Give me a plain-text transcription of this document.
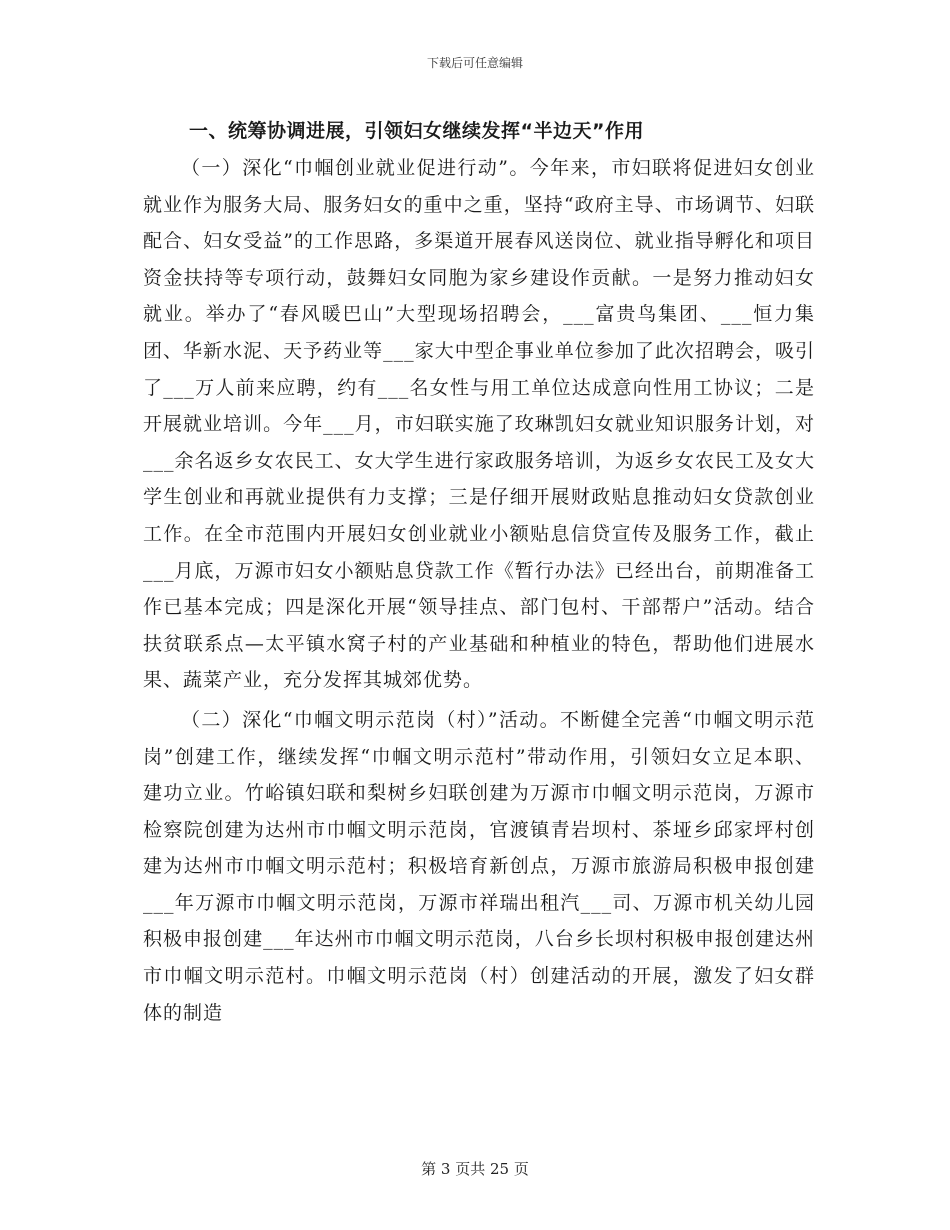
下载后可任意编辑
一、统筹协调进展，引领妇女继续发挥“半边天”作用

（一）深化“巾帼创业就业促进行动”。今年来，市妇联将促进妇女创业就业作为服务大局、服务妇女的重中之重，坚持“政府主导、市场调节、妇联配合、妇女受益”的工作思路，多渠道开展春风送岗位、就业指导孵化和项目资金扶持等专项行动，鼓舞妇女同胞为家乡建设作贡献。一是努力推动妇女就业。举办了“春风暖巴山”大型现场招聘会，___富贵鸟集团、___恒力集团、华新水泥、天予药业等___家大中型企事业单位参加了此次招聘会，吸引了___万人前来应聘，约有___名女性与用工单位达成意向性用工协议；二是开展就业培训。今年___月，市妇联实施了玫琳凯妇女就业知识服务计划，对___余名返乡女农民工、女大学生进行家政服务培训，为返乡女农民工及女大学生创业和再就业提供有力支撑；三是仔细开展财政贴息推动妇女贷款创业工作。在全市范围内开展妇女创业就业小额贴息信贷宣传及服务工作，截止___月底，万源市妇女小额贴息贷款工作《暂行办法》已经出台，前期准备工作已基本完成；四是深化开展“领导挂点、部门包村、干部帮户”活动。结合扶贫联系点—太平镇水窝子村的产业基础和种植业的特色，帮助他们进展水果、蔬菜产业，充分发挥其城郊优势。

（二）深化“巾帼文明示范岗（村）”活动。不断健全完善“巾帼文明示范岗”创建工作，继续发挥“巾帼文明示范村”带动作用，引领妇女立足本职、建功立业。竹峪镇妇联和梨树乡妇联创建为万源市巾帼文明示范岗，万源市检察院创建为达州市巾帼文明示范岗，官渡镇青岩坝村、茶垭乡邱家坪村创建为达州市巾帼文明示范村；积极培育新创点，万源市旅游局积极申报创建___年万源市巾帼文明示范岗，万源市祥瑞出租汽___司、万源市机关幼儿园积极申报创建___年达州市巾帼文明示范岗，八台乡长坝村积极申报创建达州市巾帼文明示范村。巾帼文明示范岗（村）创建活动的开展，激发了妇女群体的制造

第 3 页共 25 页
